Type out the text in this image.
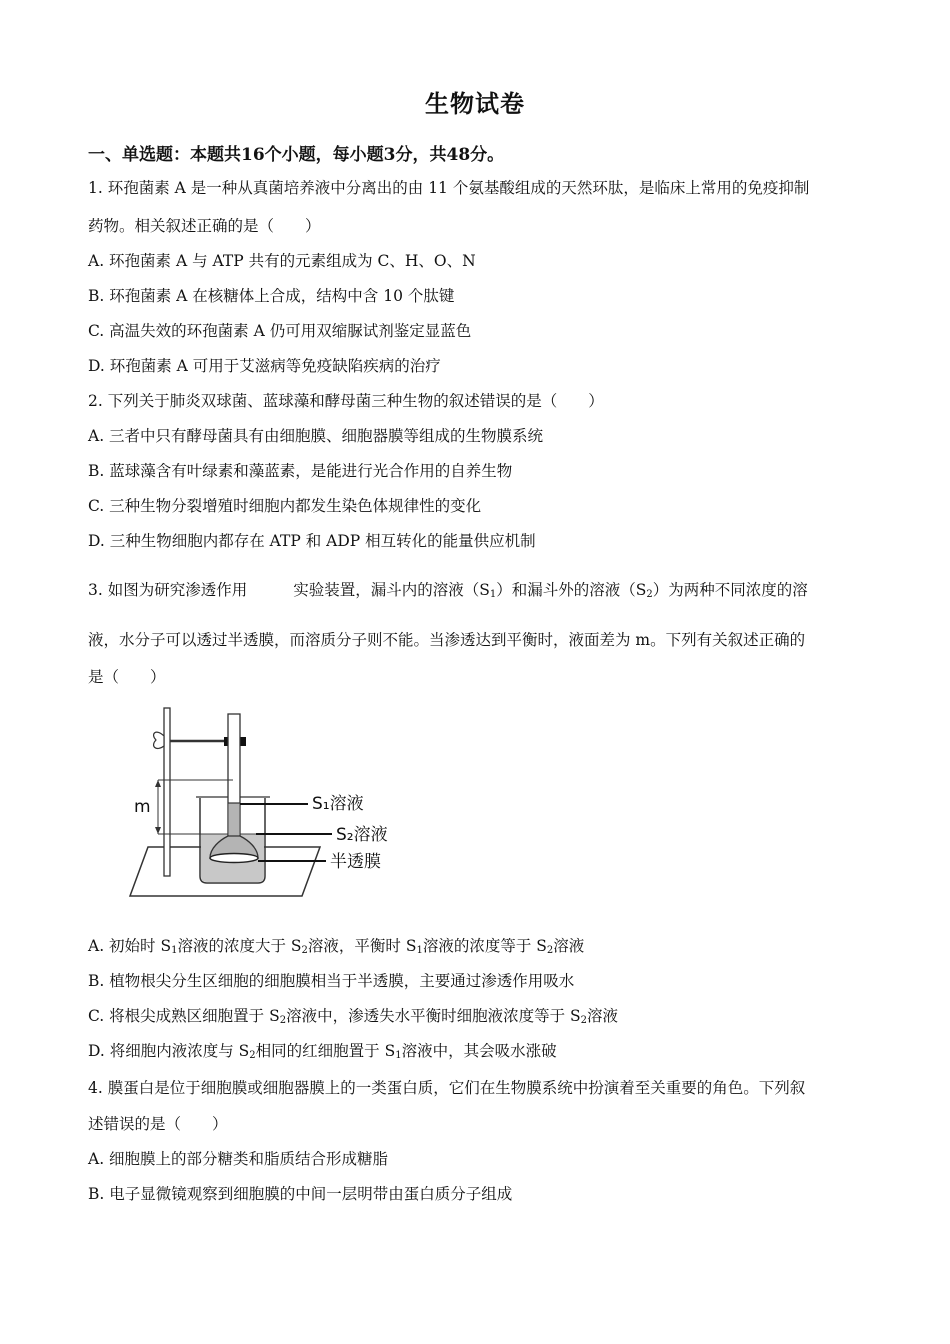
生物试卷
一、单选题：本题共16个小题，每小题3分，共48分。
1. 环孢菌素 A 是一种从真菌培养液中分离出的由 11 个氨基酸组成的天然环肽，是临床上常用的免疫抑制
药物。相关叙述正确的是（　　）
A. 环孢菌素 A 与 ATP 共有的元素组成为 C、H、O、N
B. 环孢菌素 A 在核糖体上合成，结构中含 10 个肽键
C. 高温失效的环孢菌素 A 仍可用双缩脲试剂鉴定显蓝色
D. 环孢菌素 A 可用于艾滋病等免疫缺陷疾病的治疗
2. 下列关于肺炎双球菌、蓝球藻和酵母菌三种生物的叙述错误的是（　　）
A. 三者中只有酵母菌具有由细胞膜、细胞器膜等组成的生物膜系统
B. 蓝球藻含有叶绿素和藻蓝素，是能进行光合作用的自养生物
C. 三种生物分裂增殖时细胞内都发生染色体规律性的变化
D. 三种生物细胞内都存在 ATP 和 ADP 相互转化的能量供应机制
3. 如图为研究渗透作用	实验装置，漏斗内的溶液$(S_1)$和漏斗外的溶液$(S_2)$为两种不同浓度的溶
液，水分子可以透过半透膜，而溶质分子则不能。当渗透达到平衡时，液面差为 m。下列有关叙述正确的
是（　　）
m	S₁溶液
S₂溶液
半透膜
A. 初始时 $S_1$溶液的浓度大于 $S_2$溶液，平衡时 $S_1$溶液的浓度等于 $S_2$溶液
B. 植物根尖分生区细胞的细胞膜相当于半透膜，主要通过渗透作用吸水
C. 将根尖成熟区细胞置于 $S_2$溶液中，渗透失水平衡时细胞液浓度等于 $S_2$溶液
D. 将细胞内液浓度与 $S_2$相同的红细胞置于 $S_1$溶液中，其会吸水涨破
4. 膜蛋白是位于细胞膜或细胞器膜上的一类蛋白质，它们在生物膜系统中扮演着至关重要的角色。下列叙
述错误的是（　　）
A. 细胞膜上的部分糖类和脂质结合形成糖脂
B. 电子显微镜观察到细胞膜的中间一层明带由蛋白质分子组成
